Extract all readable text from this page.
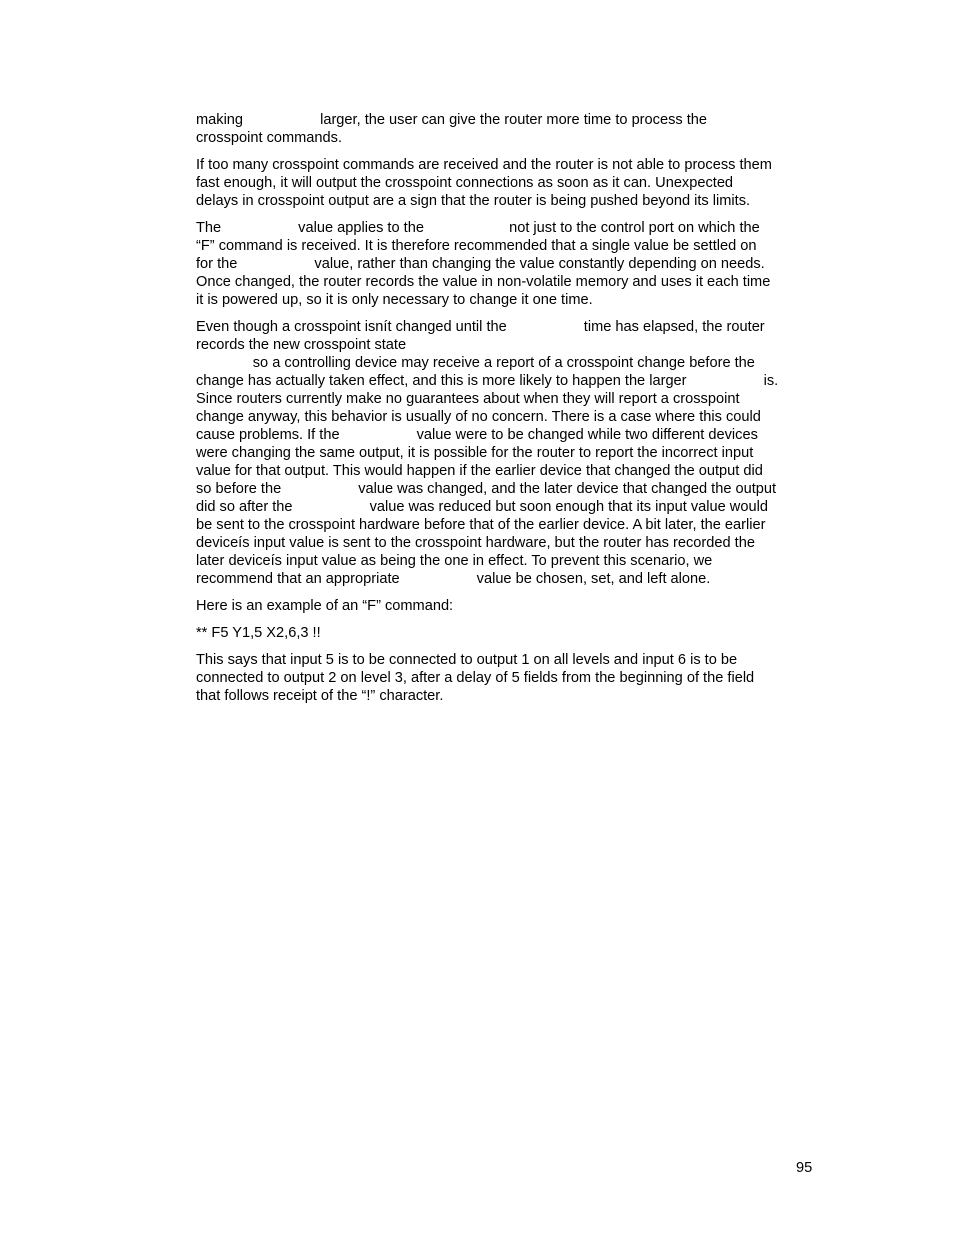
making                   larger, the user can give the router more time to process the
crosspoint commands.

If too many crosspoint commands are received and the router is not able to process them
fast enough, it will output the crosspoint connections as soon as it can. Unexpected
delays in crosspoint output are a sign that the router is being pushed beyond its limits.

The                   value applies to the                     not just to the control port on which the
“F” command is received. It is therefore recommended that a single value be settled on
for the                   value, rather than changing the value constantly depending on needs.
Once changed, the router records the value in non-volatile memory and uses it each time
it is powered up, so it is only necessary to change it one time.

Even though a crosspoint isnít changed until the                   time has elapsed, the router
records the new crosspoint state
so a controlling device may receive a report of a crosspoint change before the
change has actually taken effect, and this is more likely to happen the larger                   is.
Since routers currently make no guarantees about when they will report a crosspoint
change anyway, this behavior is usually of no concern. There is a case where this could
cause problems. If the                   value were to be changed while two different devices
were changing the same output, it is possible for the router to report the incorrect input
value for that output. This would happen if the earlier device that changed the output did
so before the                   value was changed, and the later device that changed the output
did so after the                   value was reduced but soon enough that its input value would
be sent to the crosspoint hardware before that of the earlier device. A bit later, the earlier
deviceís input value is sent to the crosspoint hardware, but the router has recorded the
later deviceís input value as being the one in effect. To prevent this scenario, we
recommend that an appropriate                   value be chosen, set, and left alone.

Here is an example of an “F” command:

** F5 Y1,5 X2,6,3 !!

This says that input 5 is to be connected to output 1 on all levels and input 6 is to be
connected to output 2 on level 3, after a delay of 5 fields from the beginning of the field
that follows receipt of the “!” character.

95
